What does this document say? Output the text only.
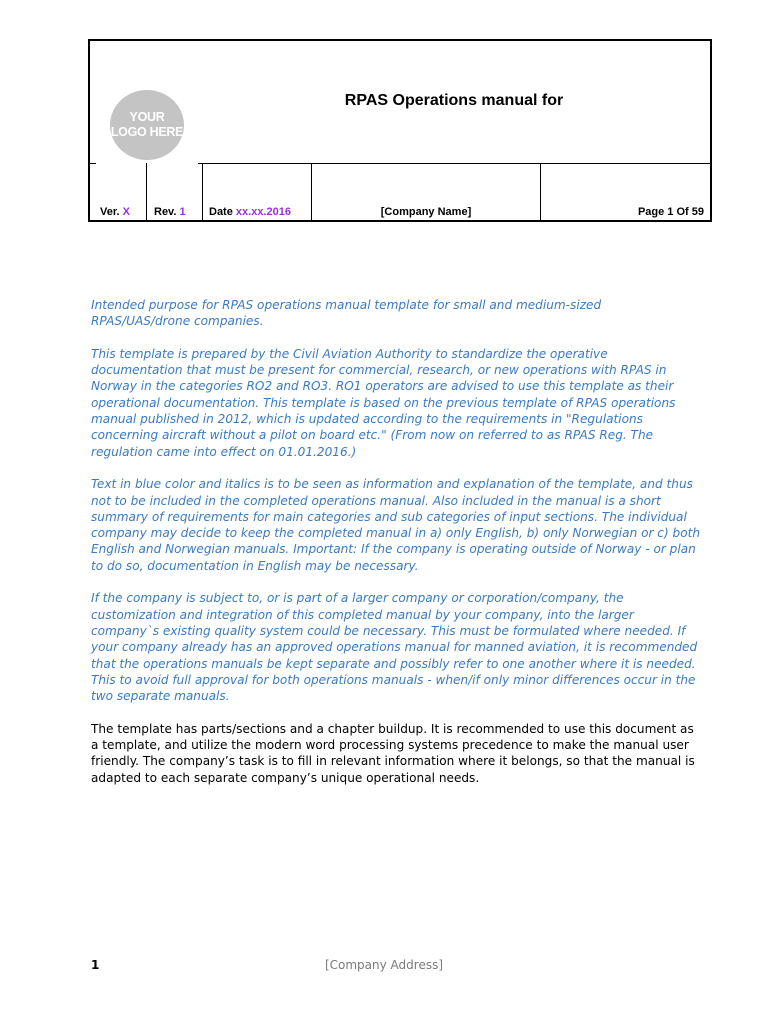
YOUR
LOGO HERE
RPAS Operations manual for
Ver. X Rev. 1 Date xx.xx.2016	[Company Name]	Page 1 Of 59

Intended purpose for RPAS operations manual template for small and medium-sized RPAS/UAS/drone companies.

This template is prepared by the Civil Aviation Authority to standardize the operative documentation that must be present for commercial, research, or new operations with RPAS in Norway in the categories RO2 and RO3. RO1 operators are advised to use this template as their operational documentation. This template is based on the previous template of RPAS operations manual published in 2012, which is updated according to the requirements in "Regulations concerning aircraft without a pilot on board etc." (From now on referred to as RPAS Reg. The regulation came into effect on 01.01.2016.)

Text in blue color and italics is to be seen as information and explanation of the template, and thus not to be included in the completed operations manual. Also included in the manual is a short summary of requirements for main categories and sub categories of input sections. The individual company may decide to keep the completed manual in a) only English, b) only Norwegian or c) both English and Norwegian manuals. Important: If the company is operating outside of Norway - or plan to do so, documentation in English may be necessary.

If the company is subject to, or is part of a larger company or corporation/company, the customization and integration of this completed manual by your company, into the larger company`s existing quality system could be necessary. This must be formulated where needed. If your company already has an approved operations manual for manned aviation, it is recommended that the operations manuals be kept separate and possibly refer to one another where it is needed. This to avoid full approval for both operations manuals - when/if only minor differences occur in the two separate manuals.

The template has parts/sections and a chapter buildup. It is recommended to use this document as a template, and utilize the modern word processing systems precedence to make the manual user friendly. The company’s task is to fill in relevant information where it belongs, so that the manual is adapted to each separate company’s unique operational needs.

1	[Company Address]
